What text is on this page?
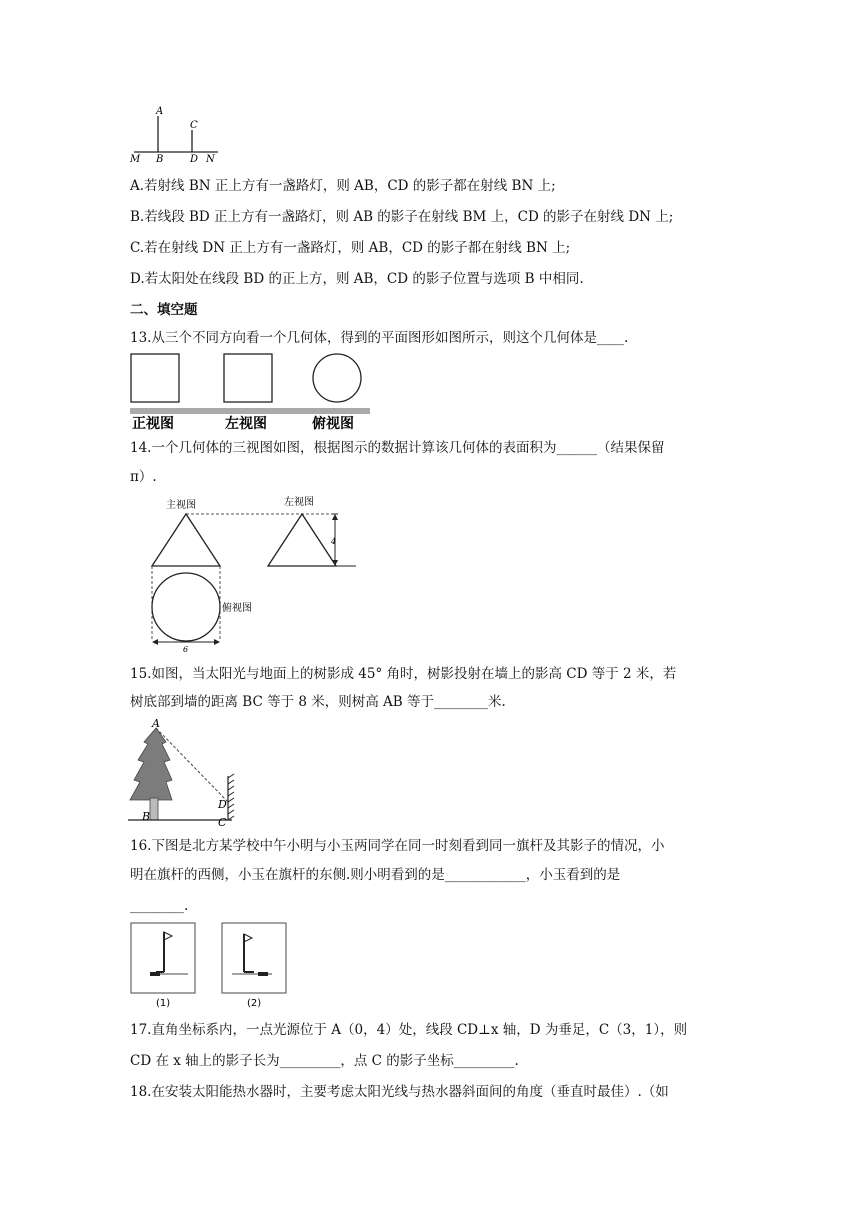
A
C
M B	D N
A.若射线 BN 正上方有一盏路灯，则 AB，CD 的影子都在射线 BN 上;
B.若线段 BD 正上方有一盏路灯，则 AB 的影子在射线 BM 上，CD 的影子在射线 DN 上;
C.若在射线 DN 正上方有一盏路灯，则 AB，CD 的影子都在射线 BN 上;
D.若太阳处在线段 BD 的正上方，则 AB，CD 的影子位置与选项 B 中相同.
二、填空题
13.从三个不同方向看一个几何体，得到的平面图形如图所示，则这个几何体是____.
正视图	左视图	俯视图
14.一个几何体的三视图如图，根据图示的数据计算该几何体的表面积为______（结果保留
π）.
主视图	左视图
4
俯视图
6
15.如图，当太阳光与地面上的树影成 45° 角时，树影投射在墙上的影高 CD 等于 2 米，若
树底部到墙的距离 BC 等于 8 米，则树高 AB 等于________米.
A
B	C
D
16.下图是北方某学校中午小明与小玉两同学在同一时刻看到同一旗杆及其影子的情况，小
明在旗杆的西侧，小玉在旗杆的东侧.则小明看到的是____________，小玉看到的是
________.
(1)	(2)
17.直角坐标系内，一点光源位于 A（0，4）处，线段 CD⊥x 轴，D 为垂足，C（3，1），则
CD 在 x 轴上的影子长为_________，点 C 的影子坐标_________.
18.在安装太阳能热水器时，主要考虑太阳光线与热水器斜面间的角度（垂直时最佳）.（如
